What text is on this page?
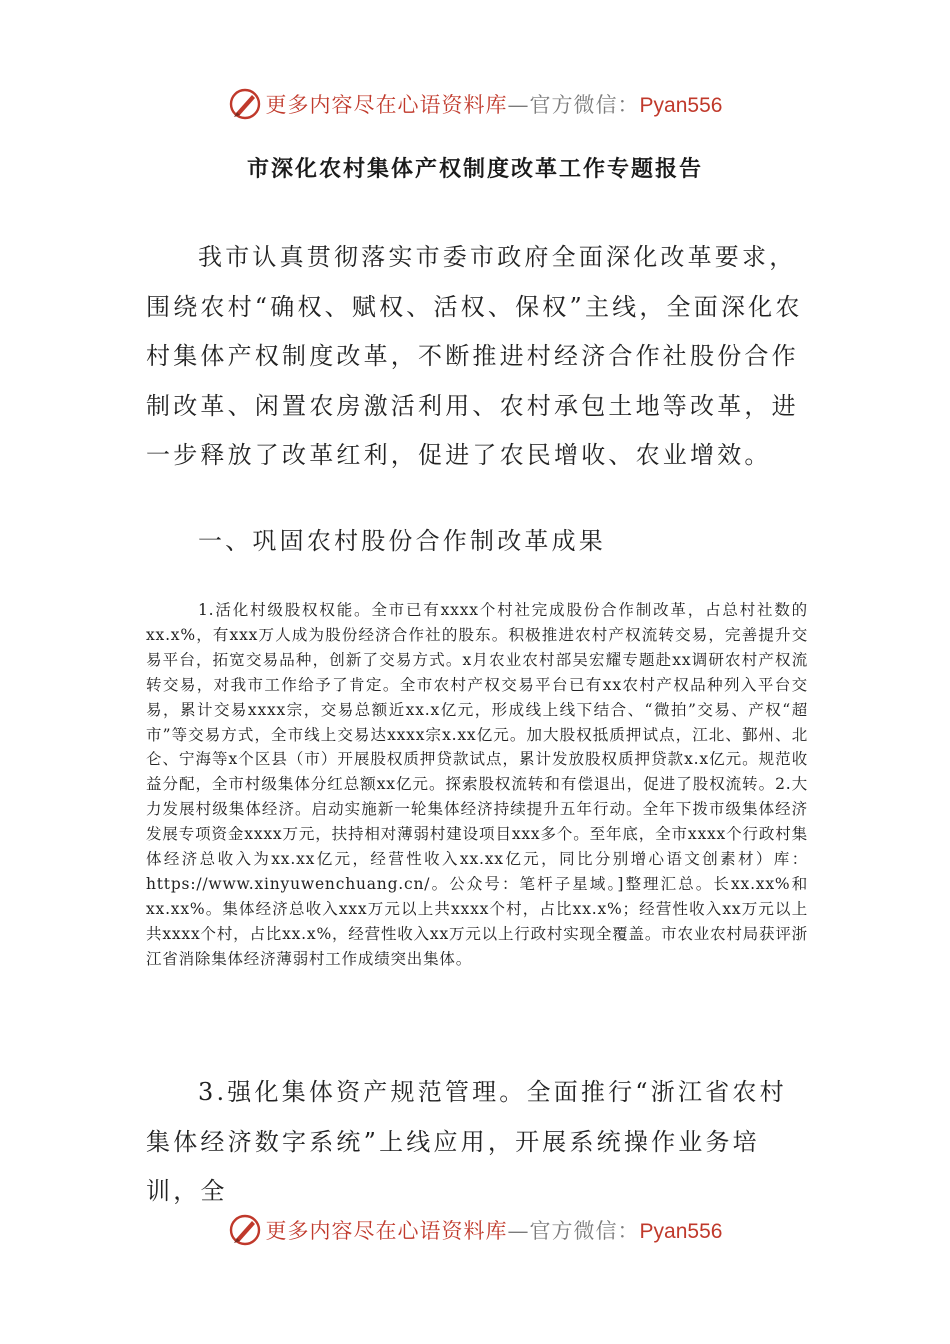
更多内容尽在心语资料库—官方微信：Pyan556
市深化农村集体产权制度改革工作专题报告

我市认真贯彻落实市委市政府全面深化改革要求，围绕农村“确权、赋权、活权、保权”主线，全面深化农村集体产权制度改革，不断推进村经济合作社股份合作制改革、闲置农房激活利用、农村承包土地等改革，进一步释放了改革红利，促进了农民增收、农业增效。

一、巩固农村股份合作制改革成果

1.活化村级股权权能。全市已有xxxx个村社完成股份合作制改革，占总村社数的xx.x%，有xxx万人成为股份经济合作社的股东。积极推进农村产权流转交易，完善提升交易平台，拓宽交易品种，创新了交易方式。x月农业农村部吴宏耀专题赴xx调研农村产权流转交易，对我市工作给予了肯定。全市农村产权交易平台已有xx农村产权品种列入平台交易，累计交易xxxx宗，交易总额近xx.x亿元，形成线上线下结合、“微拍”交易、产权“超市”等交易方式，全市线上交易达xxxx宗x.xx亿元。加大股权抵质押试点，江北、鄞州、北仑、宁海等x个区县（市）开展股权质押贷款试点，累计发放股权质押贷款x.x亿元。规范收益分配，全市村级集体分红总额xx亿元。探索股权流转和有偿退出，促进了股权流转。2.大力发展村级集体经济。启动实施新一轮集体经济持续提升五年行动。全年下拨市级集体经济发展专项资金xxxx万元，扶持相对薄弱村建设项目xxx多个。至年底，全市xxxx个行政村集体经济总收入为xx.xx亿元，经营性收入xx.xx亿元，同比分别增心语文创素材）库：https://www.xinyuwenchuang.cn/。公众号：笔杆子星域。]整理汇总。长xx.xx%和xx.xx%。集体经济总收入xxx万元以上共xxxx个村，占比xx.x%；经营性收入xx万元以上共xxxx个村，占比xx.x%，经营性收入xx万元以上行政村实现全覆盖。市农业农村局获评浙江省消除集体经济薄弱村工作成绩突出集体。

3.强化集体资产规范管理。全面推行“浙江省农村集体经济数字系统”上线应用，开展系统操作业务培训，全

更多内容尽在心语资料库—官方微信：Pyan556
